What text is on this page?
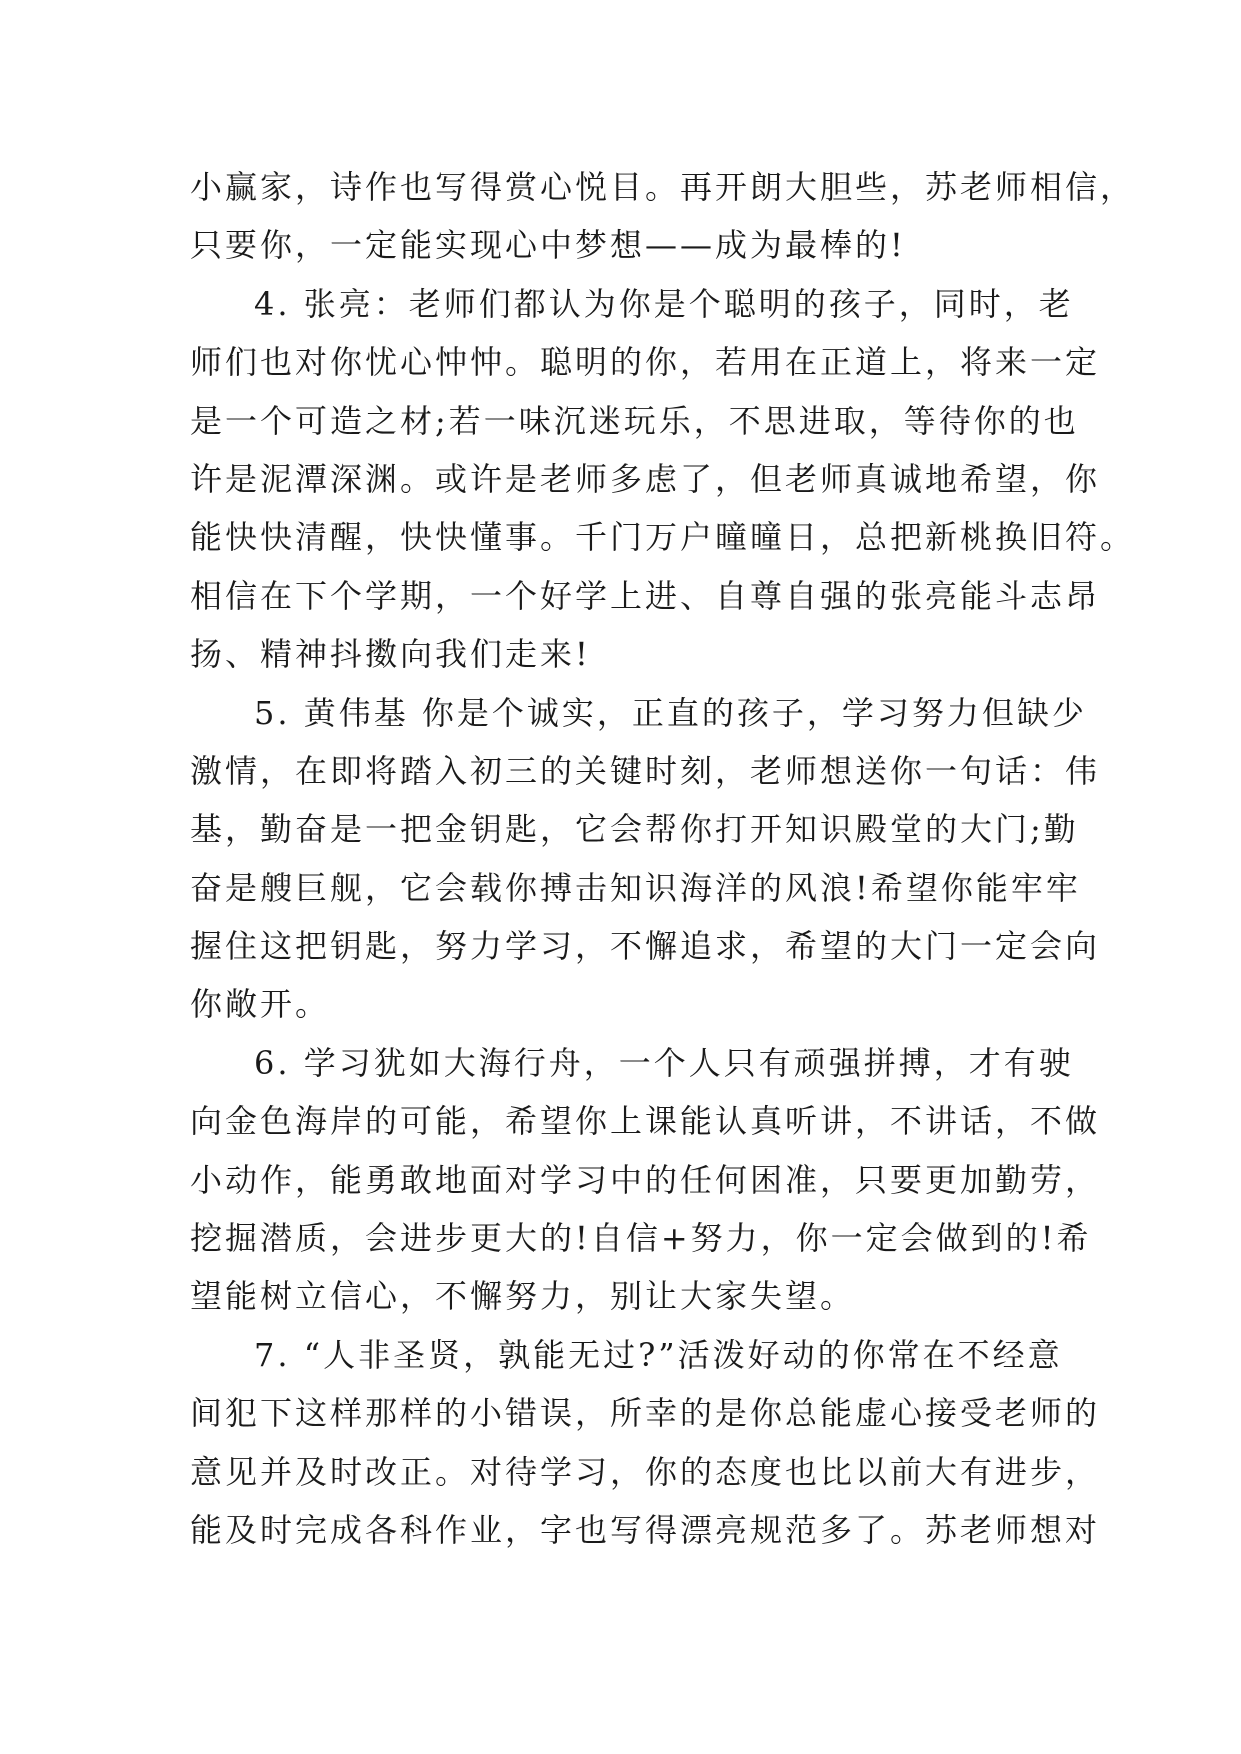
小赢家，诗作也写得赏心悦目。再开朗大胆些，苏老师相信，
只要你，一定能实现心中梦想——成为最棒的!
4. 张亮：老师们都认为你是个聪明的孩子，同时，老
师们也对你忧心忡忡。聪明的你，若用在正道上，将来一定
是一个可造之材;若一味沉迷玩乐，不思进取，等待你的也
许是泥潭深渊。或许是老师多虑了，但老师真诚地希望，你
能快快清醒，快快懂事。千门万户曈曈日，总把新桃换旧符。
相信在下个学期，一个好学上进、自尊自强的张亮能斗志昂
扬、精神抖擞向我们走来!
5. 黄伟基 你是个诚实，正直的孩子，学习努力但缺少
激情，在即将踏入初三的关键时刻，老师想送你一句话：伟
基，勤奋是一把金钥匙，它会帮你打开知识殿堂的大门;勤
奋是艘巨舰，它会载你搏击知识海洋的风浪!希望你能牢牢
握住这把钥匙，努力学习，不懈追求，希望的大门一定会向
你敞开。
6. 学习犹如大海行舟，一个人只有顽强拼搏，才有驶
向金色海岸的可能，希望你上课能认真听讲，不讲话，不做
小动作，能勇敢地面对学习中的任何困准，只要更加勤劳，
挖掘潜质，会进步更大的!自信+努力，你一定会做到的!希
望能树立信心，不懈努力，别让大家失望。
7. “人非圣贤，孰能无过?”活泼好动的你常在不经意
间犯下这样那样的小错误，所幸的是你总能虚心接受老师的
意见并及时改正。对待学习，你的态度也比以前大有进步，
能及时完成各科作业，字也写得漂亮规范多了。苏老师想对
